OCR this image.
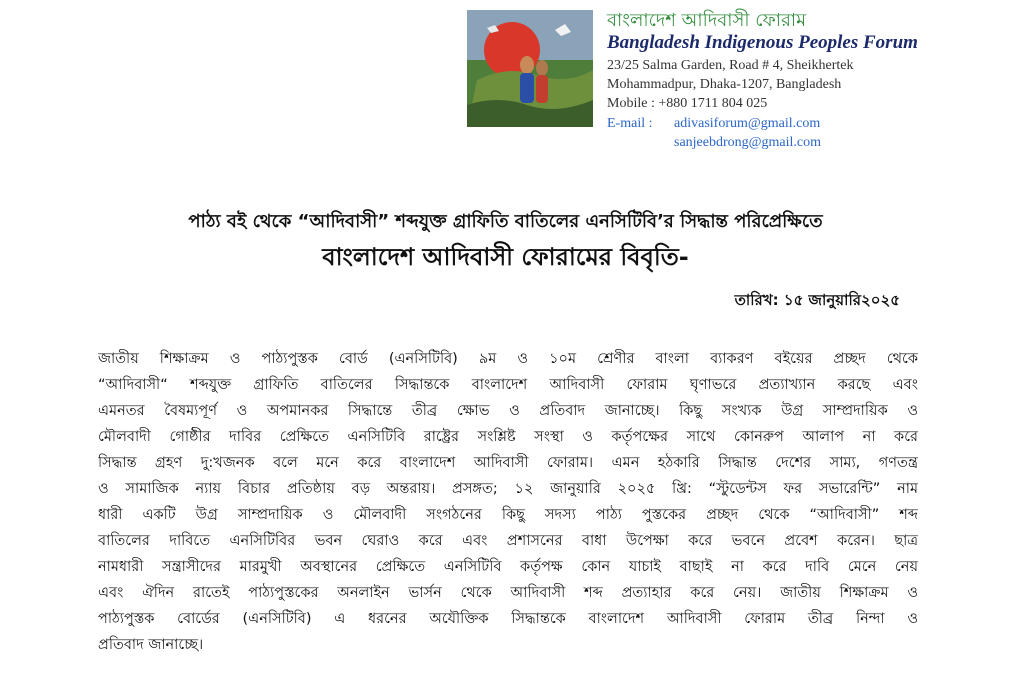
বাংলাদেশ আদিবাসী ফোরাম
Bangladesh Indigenous Peoples Forum
23/25 Salma Garden, Road # 4, Sheikhertek
Mohammadpur, Dhaka-1207, Bangladesh
Mobile : +880 1711 804 025
E-mail : adivasiforum@gmail.com
sanjeebdrong@gmail.com
পাঠ্য বই থেকে “আদিবাসী” শব্দযুক্ত গ্রাফিতি বাতিলের এনসিটিবি’র সিদ্ধান্ত পরিপ্রেক্ষিতে
বাংলাদেশ আদিবাসী ফোরামের বিবৃতি-
তারিখ: ১৫ জানুয়ারি২০২৫
জাতীয় শিক্ষাক্রম ও পাঠ্যপুস্তক বোর্ড (এনসিটিবি) ৯ম ও ১০ম শ্রেণীর বাংলা ব্যাকরণ বইয়ের প্রচ্ছদ থেকে
“আদিবাসী“ শব্দযুক্ত গ্রাফিতি বাতিলের সিদ্ধান্তকে বাংলাদেশ আদিবাসী ফোরাম ঘৃণাভরে প্রত্যাখ্যান করছে এবং
এমনতর বৈষম্যপূর্ণ ও অপমানকর সিদ্ধান্তে তীব্র ক্ষোভ ও প্রতিবাদ জানাচ্ছে। কিছু সংখ্যক উগ্র সাম্প্রদায়িক ও
মৌলবাদী গোষ্ঠীর দাবির প্রেক্ষিতে এনসিটিবি রাষ্ট্রের সংশ্লিষ্ট সংস্থা ও কর্তৃপক্ষের সাথে কোনরুপ আলাপ না করে
সিদ্ধান্ত গ্রহণ দু:খজনক বলে মনে করে বাংলাদেশ আদিবাসী ফোরাম। এমন হঠকারি সিদ্ধান্ত দেশের সাম্য, গণতন্ত্র
ও সামাজিক ন্যায় বিচার প্রতিষ্ঠায় বড় অন্তরায়। প্রসঙ্গত; ১২ জানুয়ারি ২০২৫ খ্রি: “স্টুডেন্টস ফর সভারেন্টি” নাম
ধারী একটি উগ্র সাম্প্রদায়িক ও মৌলবাদী সংগঠনের কিছু সদস্য পাঠ্য পুস্তকের প্রচ্ছদ থেকে “আদিবাসী” শব্দ
বাতিলের দাবিতে এনসিটিবির ভবন ঘেরাও করে এবং প্রশাসনের বাধা উপেক্ষা করে ভবনে প্রবেশ করেন। ছাত্র
নামধারী সন্ত্রাসীদের মারমুখী অবস্থানের প্রেক্ষিতে এনসিটিবি কর্তৃপক্ষ কোন যাচাই বাছাই না করে দাবি মেনে নেয়
এবং ঐদিন রাতেই পাঠ্যপুস্তকের অনলাইন ভার্সন থেকে আদিবাসী শব্দ প্রত্যাহার করে নেয়। জাতীয় শিক্ষাক্রম ও
পাঠ্যপুস্তক বোর্ডের (এনসিটিবি) এ ধরনের অযৌক্তিক সিদ্ধান্তকে বাংলাদেশ আদিবাসী ফোরাম তীব্র নিন্দা ও
প্রতিবাদ জানাচ্ছে।
